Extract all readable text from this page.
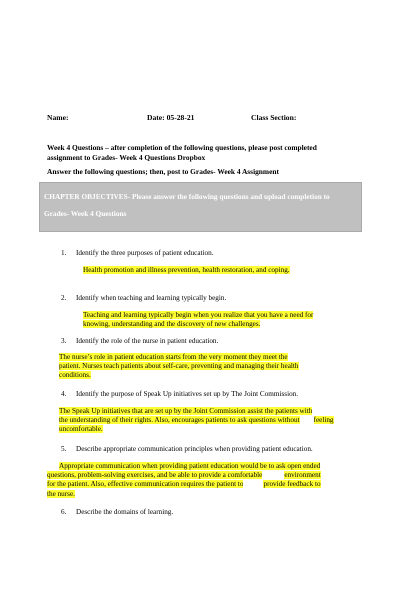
Name:	Date: 05-28-21	Class Section:
Week 4 Questions – after completion of the following questions, please post completed
assignment to Grades- Week 4 Questions Dropbox
Answer the following questions; then, post to Grades- Week 4 Assignment
CHAPTER OBJECTIVES- Please answer the following questions and upload completion to
Grades- Week 4 Questions
1. Identify the three purposes of patient education.
Health promotion and illness prevention, health restoration, and coping.
2. Identify when teaching and learning typically begin.
Teaching and learning typically begin when you realize that you have a need for
knowing, understanding and the discovery of new challenges.
3. Identify the role of the nurse in patient education.
The nurse’s role in patient education starts from the very moment they meet the
patient. Nurses teach patients about self-care, preventing and managing their health
conditions.
4. Identify the purpose of Speak Up initiatives set up by The Joint Commission.
The Speak Up initiatives that are set up by the Joint Commission assist the patients with
the understanding of their rights. Also, encourages patients to ask questions without feeling
uncomfortable.
5. Describe appropriate communication principles when providing patient education.
Appropriate communication when providing patient education would be to ask open ended
questions, problem-solving exercises, and be able to provide a comfortable	environment
for the patient. Also, effective communication requires the patient to	provide feedback to
the nurse.
6. Describe the domains of learning.
